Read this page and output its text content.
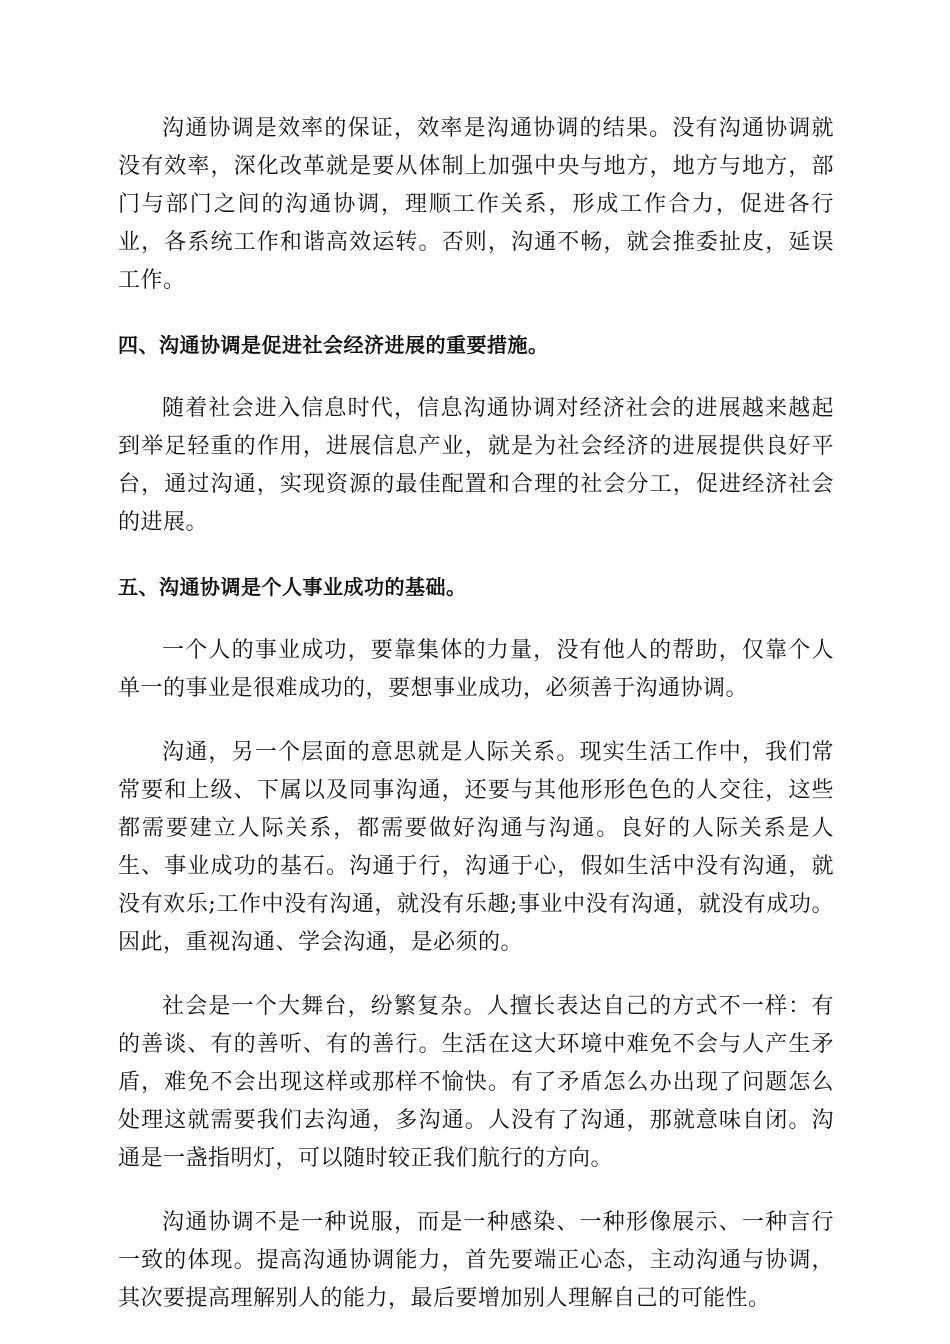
沟通协调是效率的保证，效率是沟通协调的结果。没有沟通协调就没有效率，深化改革就是要从体制上加强中央与地方，地方与地方，部门与部门之间的沟通协调，理顺工作关系，形成工作合力，促进各行业，各系统工作和谐高效运转。否则，沟通不畅，就会推委扯皮，延误工作。

四、沟通协调是促进社会经济进展的重要措施。

随着社会进入信息时代，信息沟通协调对经济社会的进展越来越起到举足轻重的作用，进展信息产业，就是为社会经济的进展提供良好平台，通过沟通，实现资源的最佳配置和合理的社会分工，促进经济社会的进展。

五、沟通协调是个人事业成功的基础。

一个人的事业成功，要靠集体的力量，没有他人的帮助，仅靠个人单一的事业是很难成功的，要想事业成功，必须善于沟通协调。

沟通，另一个层面的意思就是人际关系。现实生活工作中，我们常常要和上级、下属以及同事沟通，还要与其他形形色色的人交往，这些都需要建立人际关系，都需要做好沟通与沟通。良好的人际关系是人生、事业成功的基石。沟通于行，沟通于心，假如生活中没有沟通，就没有欢乐;工作中没有沟通，就没有乐趣;事业中没有沟通，就没有成功。因此，重视沟通、学会沟通，是必须的。

社会是一个大舞台，纷繁复杂。人擅长表达自己的方式不一样：有的善谈、有的善听、有的善行。生活在这大环境中难免不会与人产生矛盾，难免不会出现这样或那样不愉快。有了矛盾怎么办出现了问题怎么处理这就需要我们去沟通，多沟通。人没有了沟通，那就意味自闭。沟通是一盏指明灯，可以随时较正我们航行的方向。

沟通协调不是一种说服，而是一种感染、一种形像展示、一种言行一致的体现。提高沟通协调能力，首先要端正心态，主动沟通与协调，其次要提高理解别人的能力，最后要增加别人理解自己的可能性。
